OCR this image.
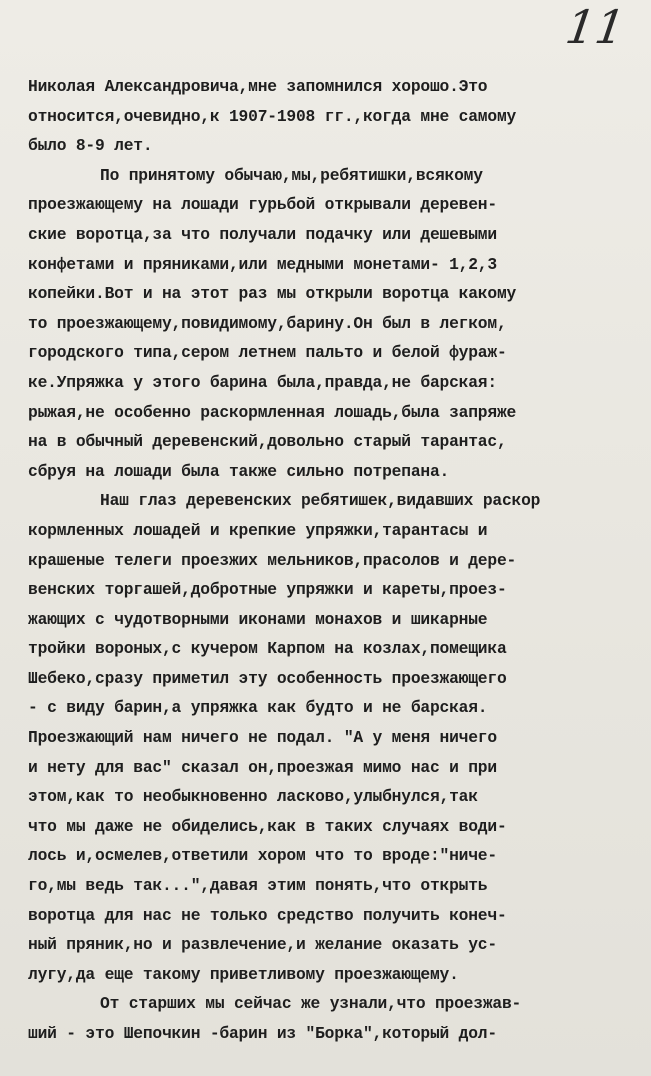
11
Николая Александровича,мне запомнился хорошо.Это
относится,очевидно,к 1907-1908 гг.,когда мне самому
было 8-9 лет.
По принятому обычаю,мы,ребятишки,всякому
проезжающему на лошади гурьбой открывали деревен-
ские воротца,за что получали подачку или дешевыми
конфетами и пряниками,или медными монетами- 1,2,3
копейки.Вот и на этот раз мы открыли воротца какому
то проезжающему,повидимому,барину.Он был в легком,
городского типа,сером летнем пальто и белой фураж-
ке.Упряжка у этого барина была,правда,не барская:
рыжая,не особенно раскормленная лошадь,была запряже
на в обычный деревенский,довольно старый тарантас,
сбруя на лошади была также сильно потрепана.
Наш глаз деревенских ребятишек,видавших раскор
кормленных лошадей и крепкие упряжки,тарантасы и
крашеные телеги проезжих мельников,прасолов и дере-
венских торгашей,добротные упряжки и кареты,проез-
жающих с чудотворными иконами монахов и шикарные
тройки вороных,с кучером Карпом на козлах,помещика
Шебеко,сразу приметил эту особенность проезжающего
- с виду барин,а упряжка как будто и не барская.
Проезжающий нам ничего не подал. "А у меня ничего
и нету для вас" сказал он,проезжая мимо нас и при
этом,как то необыкновенно ласково,улыбнулся,так
что мы даже не обиделись,как в таких случаях води-
лось и,осмелев,ответили хором что то вроде:"ниче-
го,мы ведь так...",давая этим понять,что открыть
воротца для нас не только средство получить конеч-
ный пряник,но и развлечение,и желание оказать ус-
лугу,да еще такому приветливому проезжающему.
От старших мы сейчас же узнали,что проезжав-
ший - это Шепочкин -барин из "Борка",который дол-
